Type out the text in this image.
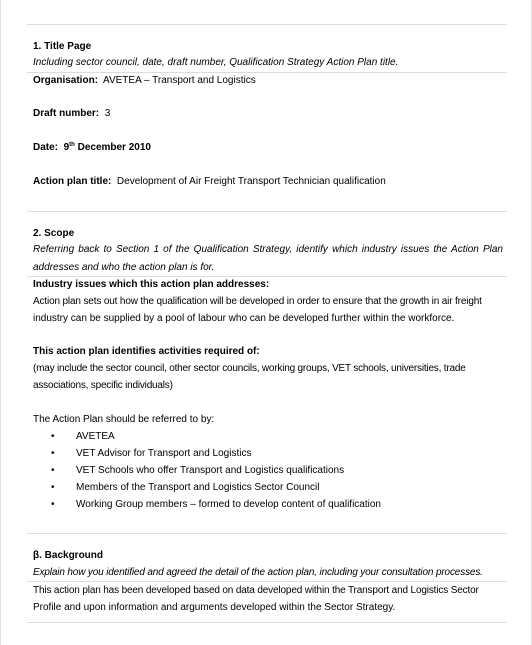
1. Title Page
Including sector council, date, draft number, Qualification Strategy Action Plan title.
Organisation: AVETEA – Transport and Logistics
Draft number: 3
Date: 9th December 2010
Action plan title: Development of Air Freight Transport Technician qualification
2. Scope
Referring back to Section 1 of the Qualification Strategy, identify which industry issues the Action Plan
addresses and who the action plan is for.
Industry issues which this action plan addresses:
Action plan sets out how the qualification will be developed in order to ensure that the growth in air freight
industry can be supplied by a pool of labour who can be developed further within the workforce.
This action plan identifies activities required of:
(may include the sector council, other sector councils, working groups, VET schools, universities, trade
associations, specific individuals)
The Action Plan should be referred to by:
• AVETEA
• VET Advisor for Transport and Logistics
• VET Schools who offer Transport and Logistics qualifications
• Members of the Transport and Logistics Sector Council
• Working Group members – formed to develop content of qualification
β. Background
Explain how you identified and agreed the detail of the action plan, including your consultation processes.
This action plan has been developed based on data developed within the Transport and Logistics Sector
Profile and upon information and arguments developed within the Sector Strategy.
